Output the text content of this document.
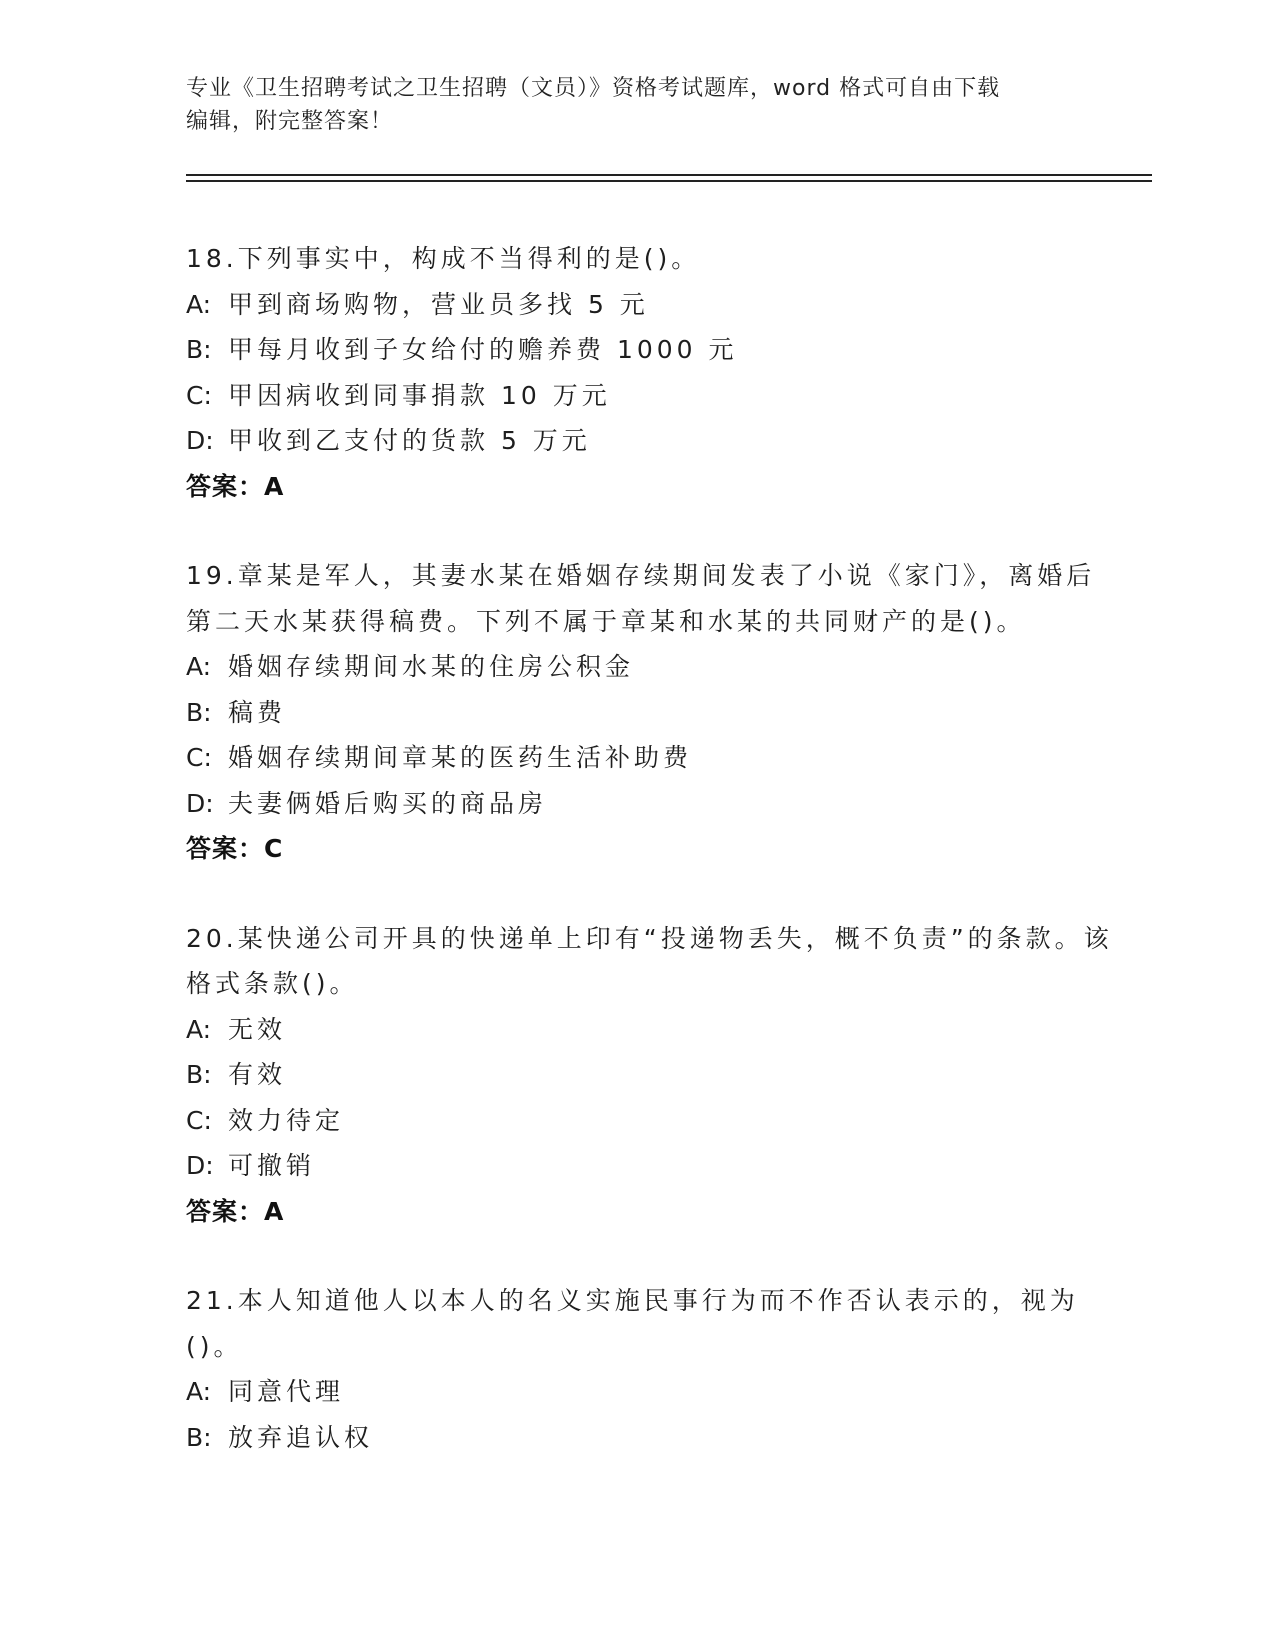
专业《卫生招聘考试之卫生招聘（文员）》资格考试题库，word 格式可自由下载
编辑，附完整答案！
18.下列事实中，构成不当得利的是()。
A: 甲到商场购物，营业员多找 5 元
B: 甲每月收到子女给付的赡养费 1000 元
C: 甲因病收到同事捐款 10 万元
D: 甲收到乙支付的货款 5 万元
答案：A
19.章某是军人，其妻水某在婚姻存续期间发表了小说《家门》，离婚后第二天水某获得稿费。下列不属于章某和水某的共同财产的是()。
A: 婚姻存续期间水某的住房公积金
B: 稿费
C: 婚姻存续期间章某的医药生活补助费
D: 夫妻俩婚后购买的商品房
答案：C
20.某快递公司开具的快递单上印有“投递物丢失，概不负责”的条款。该格式条款()。
A: 无效
B: 有效
C: 效力待定
D: 可撤销
答案：A
21.本人知道他人以本人的名义实施民事行为而不作否认表示的，视为()。
A: 同意代理
B: 放弃追认权
